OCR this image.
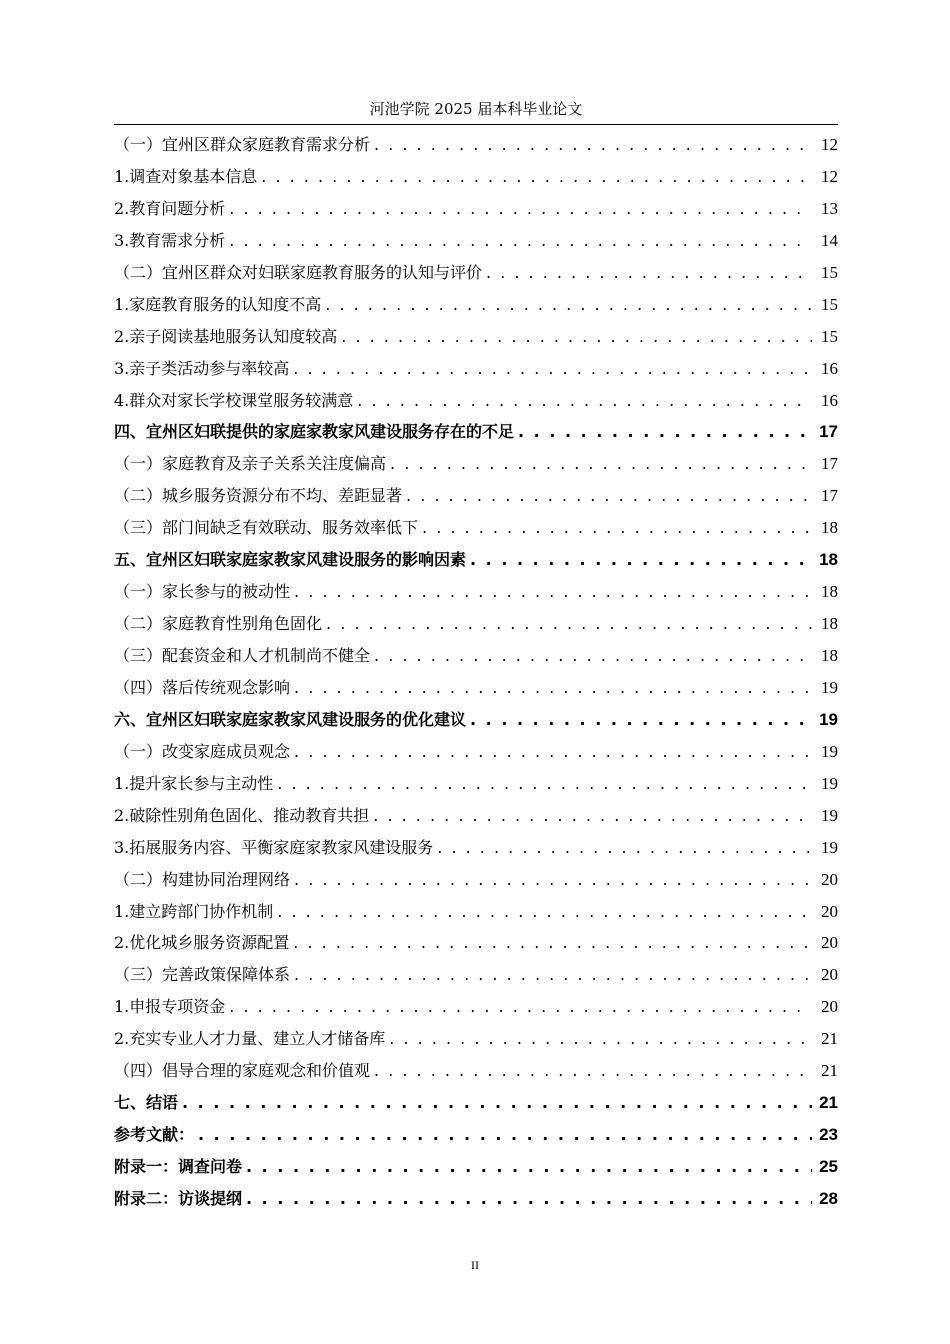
河池学院 2025 届本科毕业论文
（一）宜州区群众家庭教育需求分析 . . .	12
1.调查对象基本信息 . . .	12
2.教育问题分析 . . .	13
3.教育需求分析 . . .	14
（二）宜州区群众对妇联家庭教育服务的认知与评价 . . .	15
1.家庭教育服务的认知度不高 . . .	15
2.亲子阅读基地服务认知度较高 . . .	15
3.亲子类活动参与率较高 . . .	16
4.群众对家长学校课堂服务较满意 . . .	16
四、宜州区妇联提供的家庭家教家风建设服务存在的不足 . . .	17
（一）家庭教育及亲子关系关注度偏高 . . .	17
（二）城乡服务资源分布不均、差距显著 . . .	17
（三）部门间缺乏有效联动、服务效率低下 . . .	18
五、宜州区妇联家庭家教家风建设服务的影响因素 . . .	18
（一）家长参与的被动性 . . .	18
（二）家庭教育性别角色固化 . . .	18
（三）配套资金和人才机制尚不健全 . . .	18
（四）落后传统观念影响 . . .	19
六、宜州区妇联家庭家教家风建设服务的优化建议 . . .	19
（一）改变家庭成员观念 . . .	19
1.提升家长参与主动性 . . .	19
2.破除性别角色固化、推动教育共担 . . .	19
3.拓展服务内容、平衡家庭家教家风建设服务 . . .	19
（二）构建协同治理网络 . . .	20
1.建立跨部门协作机制 . . .	20
2.优化城乡服务资源配置 . . .	20
（三）完善政策保障体系 . . .	20
1.申报专项资金 . . .	20
2.充实专业人才力量、建立人才储备库 . . .	21
（四）倡导合理的家庭观念和价值观 . . .	21
七、结语 . . .	21
参考文献： . . .	23
附录一：调查问卷 . . .	25
附录二：访谈提纲 . . .	28
II
